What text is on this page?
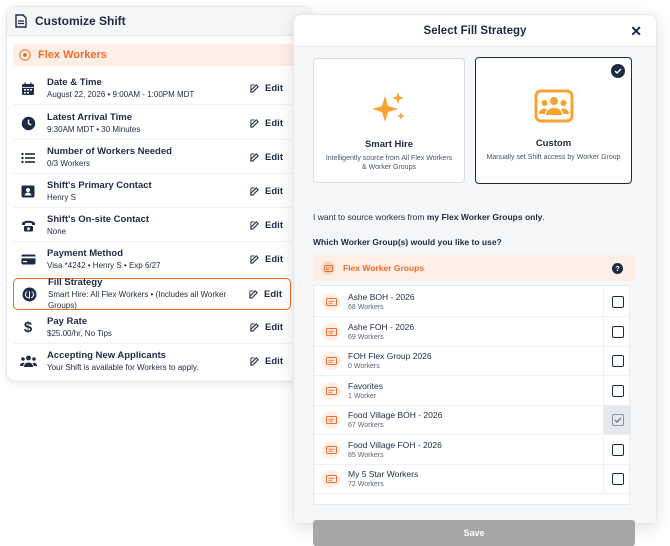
Customize Shift
Flex Workers
Date & Time
August 22, 2026 • 9:00AM - 1:00PM MDT
Edit
Latest Arrival Time
9:30AM MDT • 30 Minutes
Edit
Number of Workers Needed
0/3 Workers
Edit
Shift's Primary Contact
Henry S
Edit
Shift's On-site Contact
None
Edit
Payment Method
Visa *4242 • Henry S • Exp 6/27
Edit
Fill Strategy
Smart Hire: All Flex Workers • (Includes all Worker Groups)
Edit
$	Pay Rate
$25.00/hr, No Tips
Edit
Accepting New Applicants
Your Shift is available for Workers to apply.
Edit
Select Fill Strategy	✕
Smart Hire
Intelligently source from All Flex Workers & Worker Groups
Custom
Manually set Shift access by Worker Group
I want to source workers from my Flex Worker Groups only.
Which Worker Group(s) would you like to use?
Flex Worker Groups	?
Ashe BOH - 2026
68 Workers
Ashe FOH - 2026
69 Workers
FOH Flex Group 2026
0 Workers
Favorites
1 Worker
Food Village BOH - 2026
67 Workers
Food Village FOH - 2026
85 Workers
My 5 Star Workers
72 Workers
Save
